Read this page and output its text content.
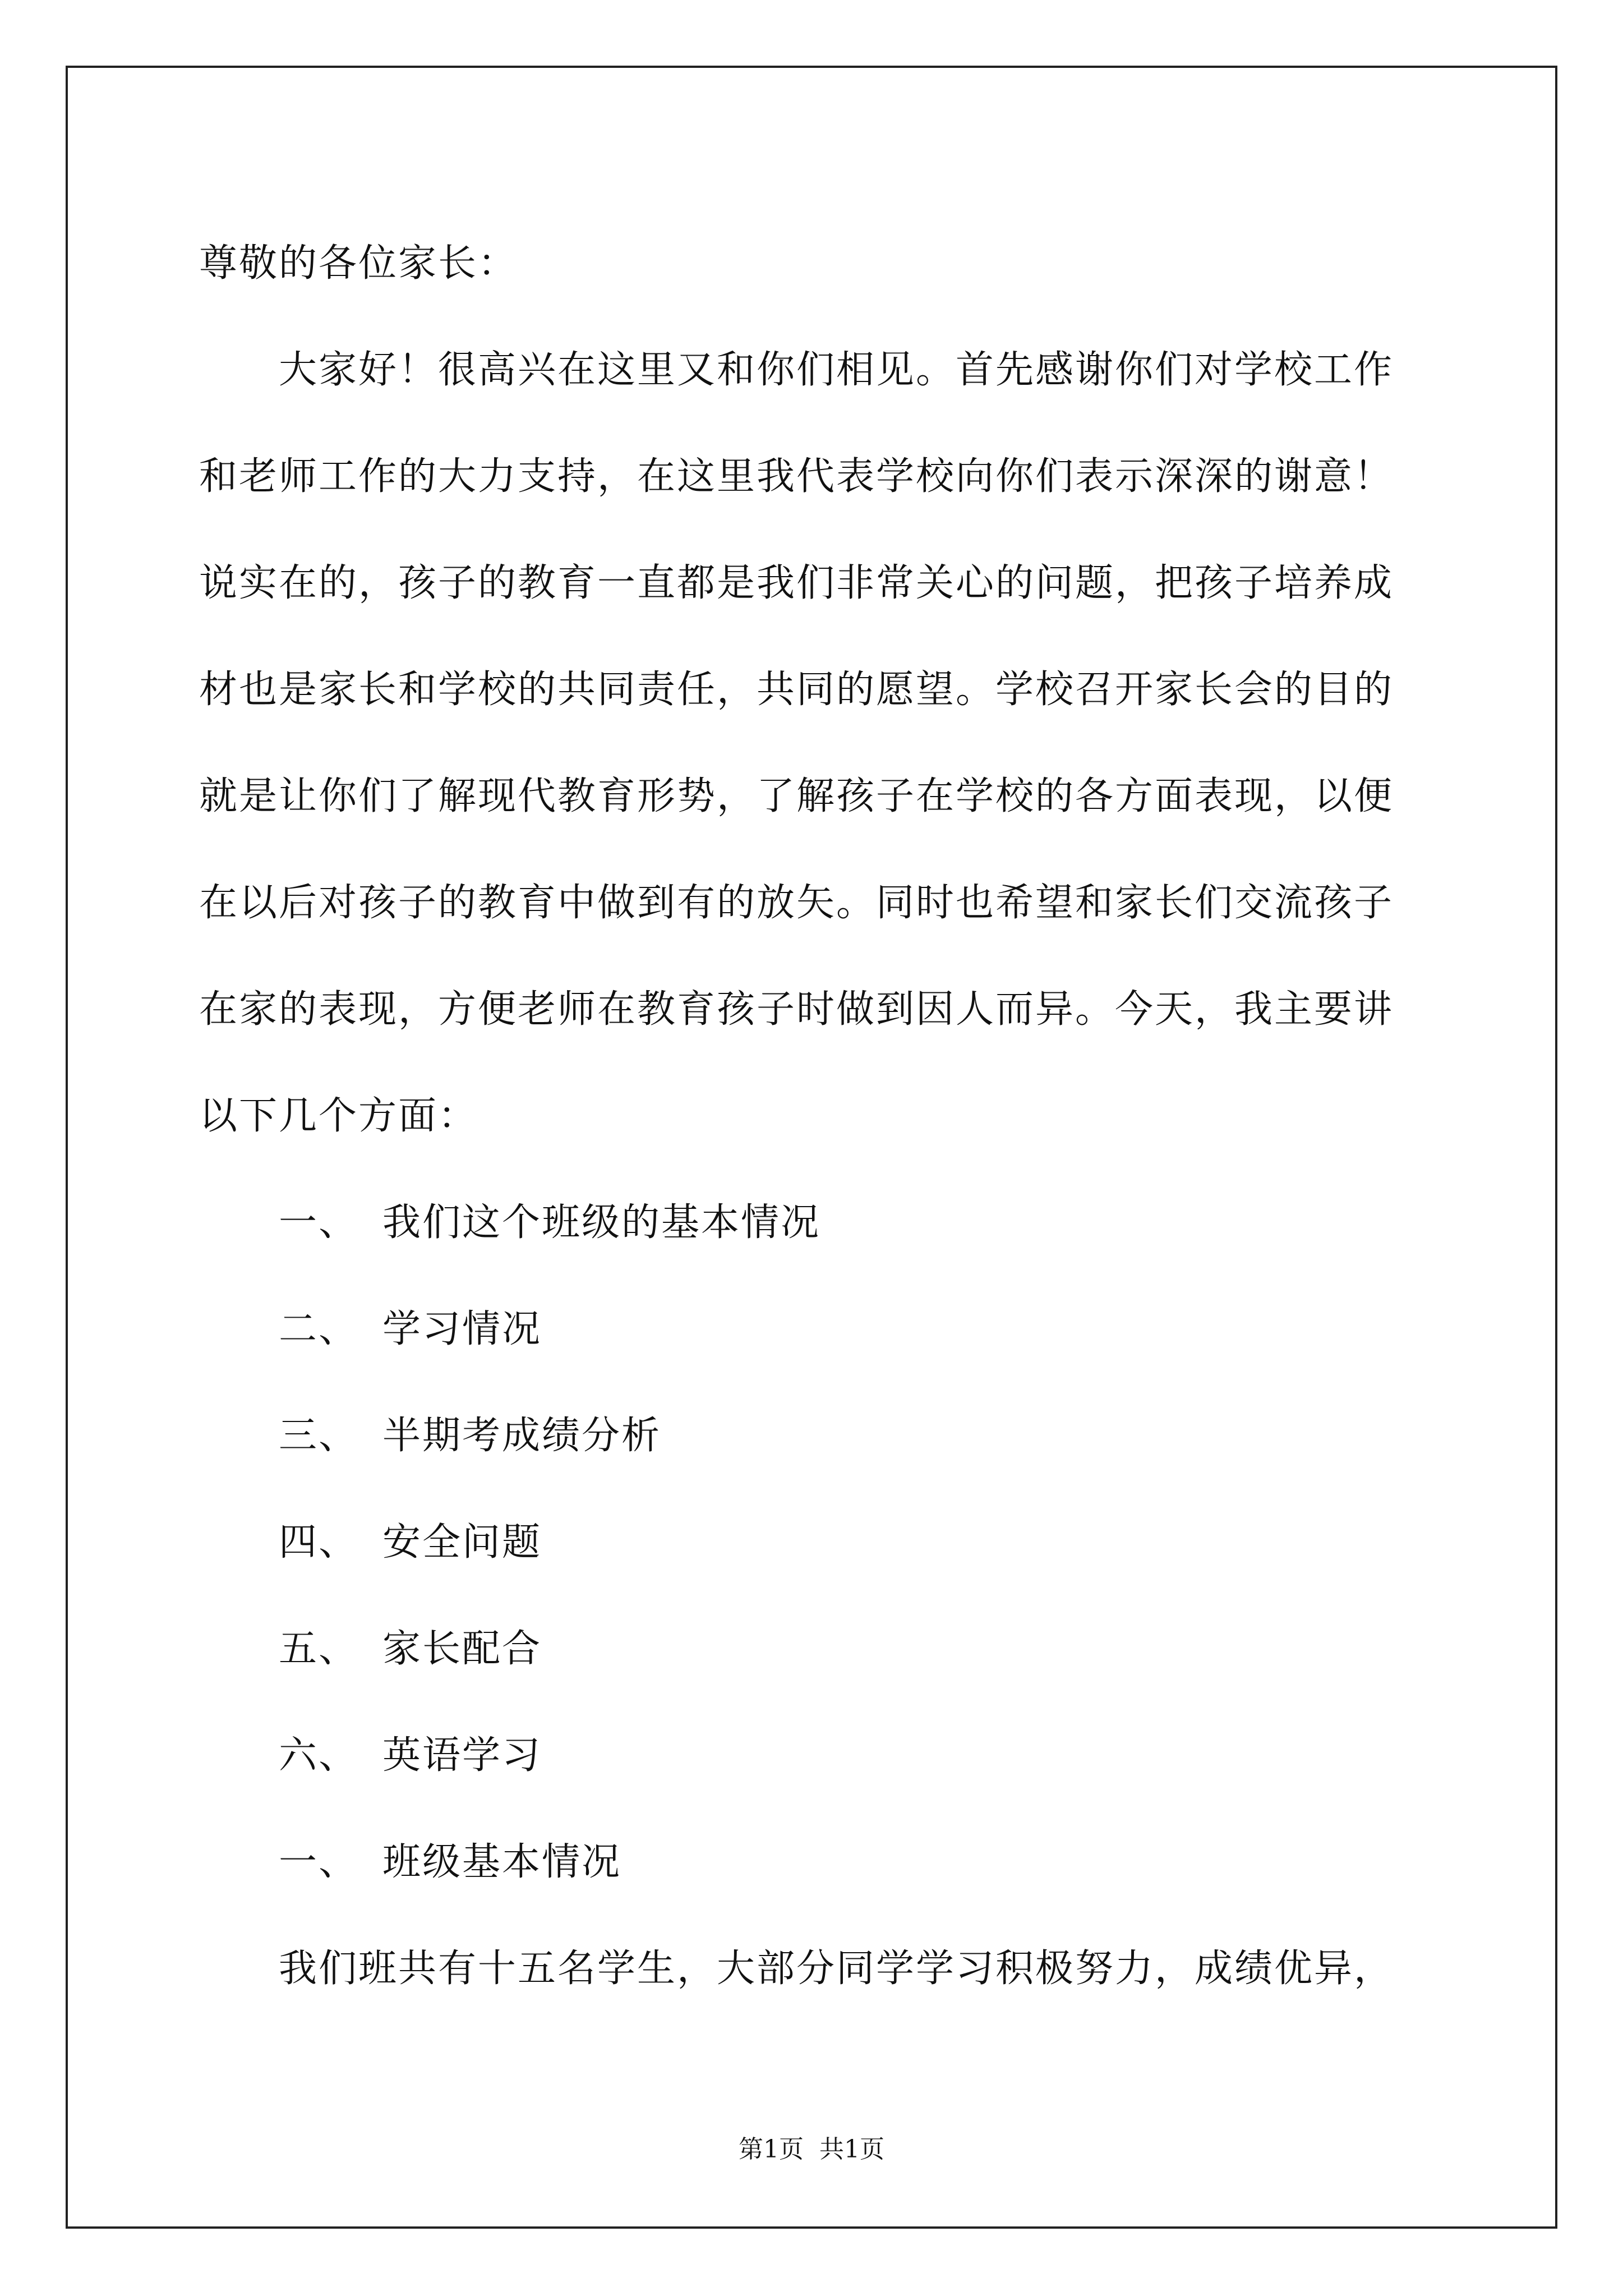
尊敬的各位家长：
大家好！很高兴在这里又和你们相见。首先感谢你们对学校工作
和老师工作的大力支持，在这里我代表学校向你们表示深深的谢意！
说实在的，孩子的教育一直都是我们非常关心的问题，把孩子培养成
材也是家长和学校的共同责任，共同的愿望。学校召开家长会的目的
就是让你们了解现代教育形势，了解孩子在学校的各方面表现，以便
在以后对孩子的教育中做到有的放矢。同时也希望和家长们交流孩子
在家的表现，方便老师在教育孩子时做到因人而异。今天，我主要讲
以下几个方面：
一、 我们这个班级的基本情况
二、 学习情况
三、 半期考成绩分析
四、 安全问题
五、 家长配合
六、 英语学习
一、 班级基本情况
我们班共有十五名学生，大部分同学学习积极努力，成绩优异，
第1页 共1页
